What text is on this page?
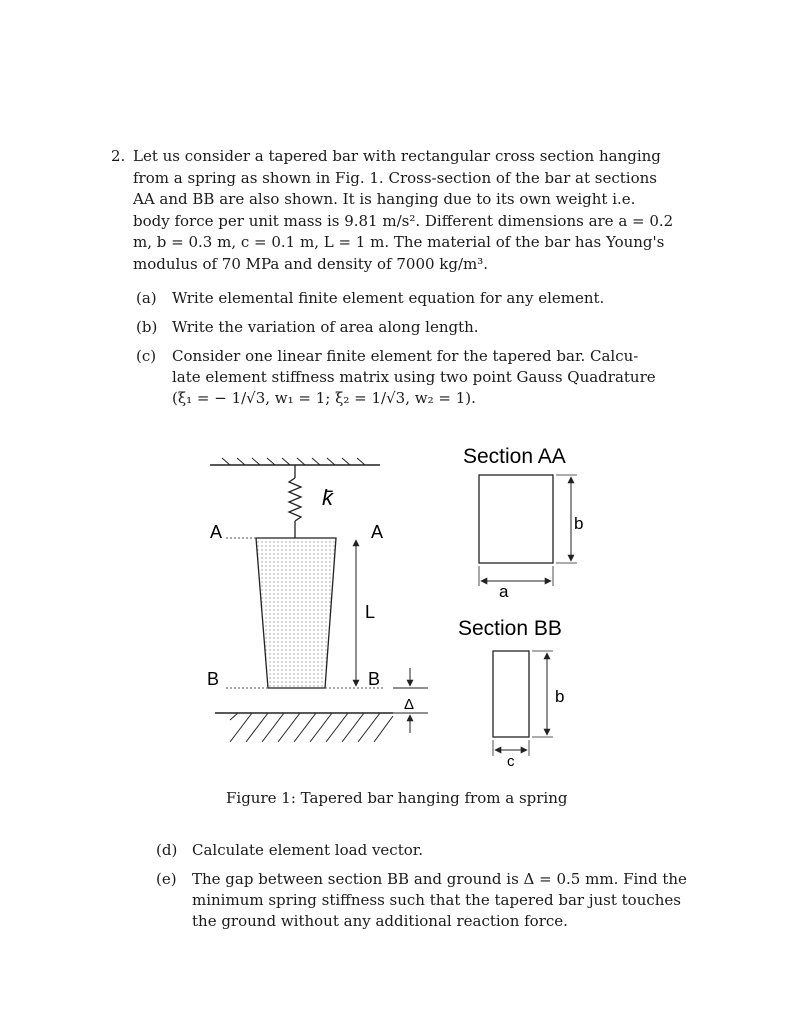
2. Let us consider a tapered bar with rectangular cross section hanging
from a spring as shown in Fig. 1. Cross-section of the bar at sections
AA and BB are also shown. It is hanging due to its own weight i.e.
body force per unit mass is 9.81 m/s². Different dimensions are a = 0.2
m, b = 0.3 m, c = 0.1 m, L = 1 m. The material of the bar has Young's
modulus of 70 MPa and density of 7000 kg/m³.
(a) Write elemental finite element equation for any element.
(b) Write the variation of area along length.
(c) Consider one linear finite element for the tapered bar. Calcu-
late element stiffness matrix using two point Gauss Quadrature
(ξ₁ = − 1/√3, w₁ = 1; ξ₂ = 1/√3, w₂ = 1).
k̄
A	A
B	B
L
Δ
Section AA
b
a
Section BB
b
c
Figure 1: Tapered bar hanging from a spring
(d) Calculate element load vector.
(e) The gap between section BB and ground is Δ = 0.5 mm. Find the
minimum spring stiffness such that the tapered bar just touches
the ground without any additional reaction force.
